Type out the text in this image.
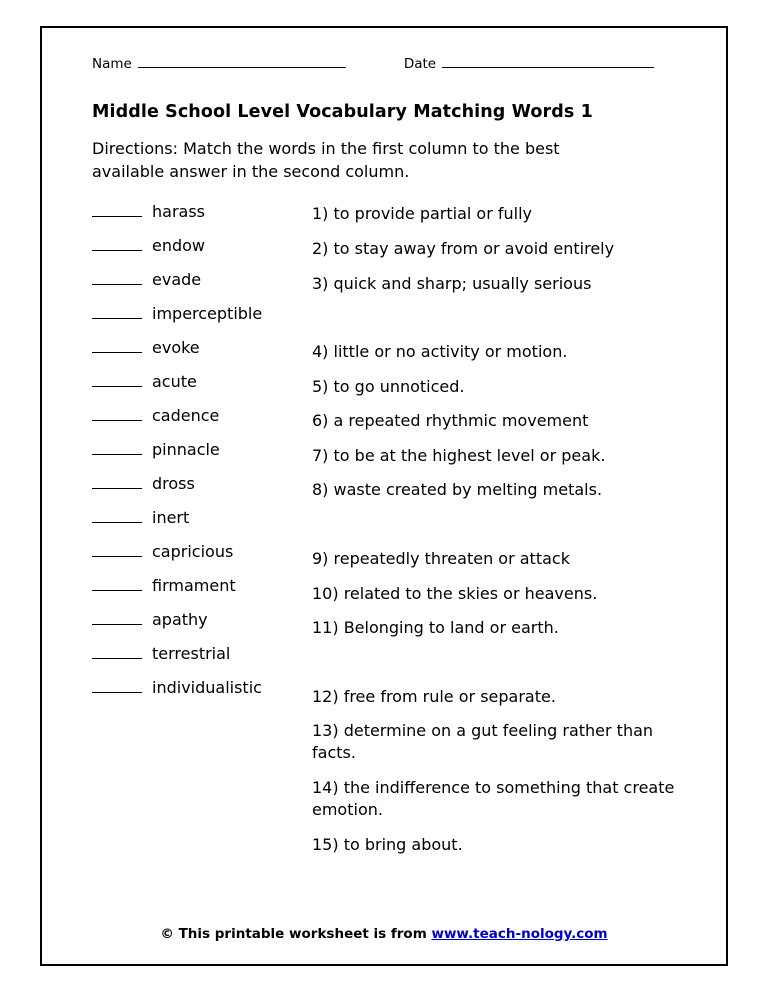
Name	Date
Middle School Level Vocabulary Matching Words 1
Directions: Match the words in the first column to the best available answer in the second column.
harass
endow
evade
imperceptible
evoke
acute
cadence
pinnacle
dross
inert
capricious
firmament
apathy
terrestrial
individualistic
1) to provide partial or fully
2) to stay away from or avoid entirely
3) quick and sharp; usually serious
4) little or no activity or motion.
5) to go unnoticed.
6) a repeated rhythmic movement
7) to be at the highest level or peak.
8) waste created by melting metals.
9) repeatedly threaten or attack
10) related to the skies or heavens.
11) Belonging to land or earth.
12) free from rule or separate.
13) determine on a gut feeling rather than facts.
14) the indifference to something that create emotion.
15) to bring about.
© This printable worksheet is from www.teach-nology.com
